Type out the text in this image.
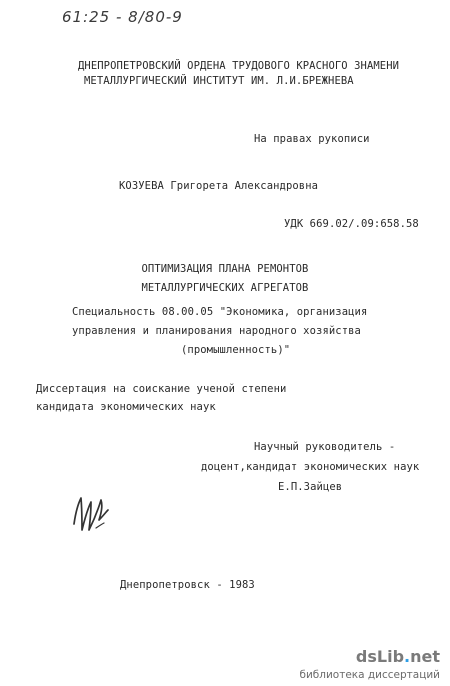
61:25 - 8/80-9
ДНЕПРОПЕТРОВСКИЙ ОРДЕНА ТРУДОВОГО КРАСНОГО ЗНАМЕНИ
МЕТАЛЛУРГИЧЕСКИЙ ИНСТИТУТ ИМ. Л.И.БРЕЖНЕВА
На правах рукописи
КОЗУЕВА Григорета Александровна
УДК 669.02/.09:658.58
ОПТИМИЗАЦИЯ ПЛАНА РЕМОНТОВ
МЕТАЛЛУРГИЧЕСКИХ АГРЕГАТОВ
Специальность 08.00.05 "Экономика, организация
управления и планирования народного хозяйства
(промышленность)"
Диссертация на соискание ученой степени
кандидата экономических наук
Научный руководитель -
доцент,кандидат экономических наук
Е.П.Зайцев
Днепропетровск - 1983
dsLib.net
библиотека диссертаций
